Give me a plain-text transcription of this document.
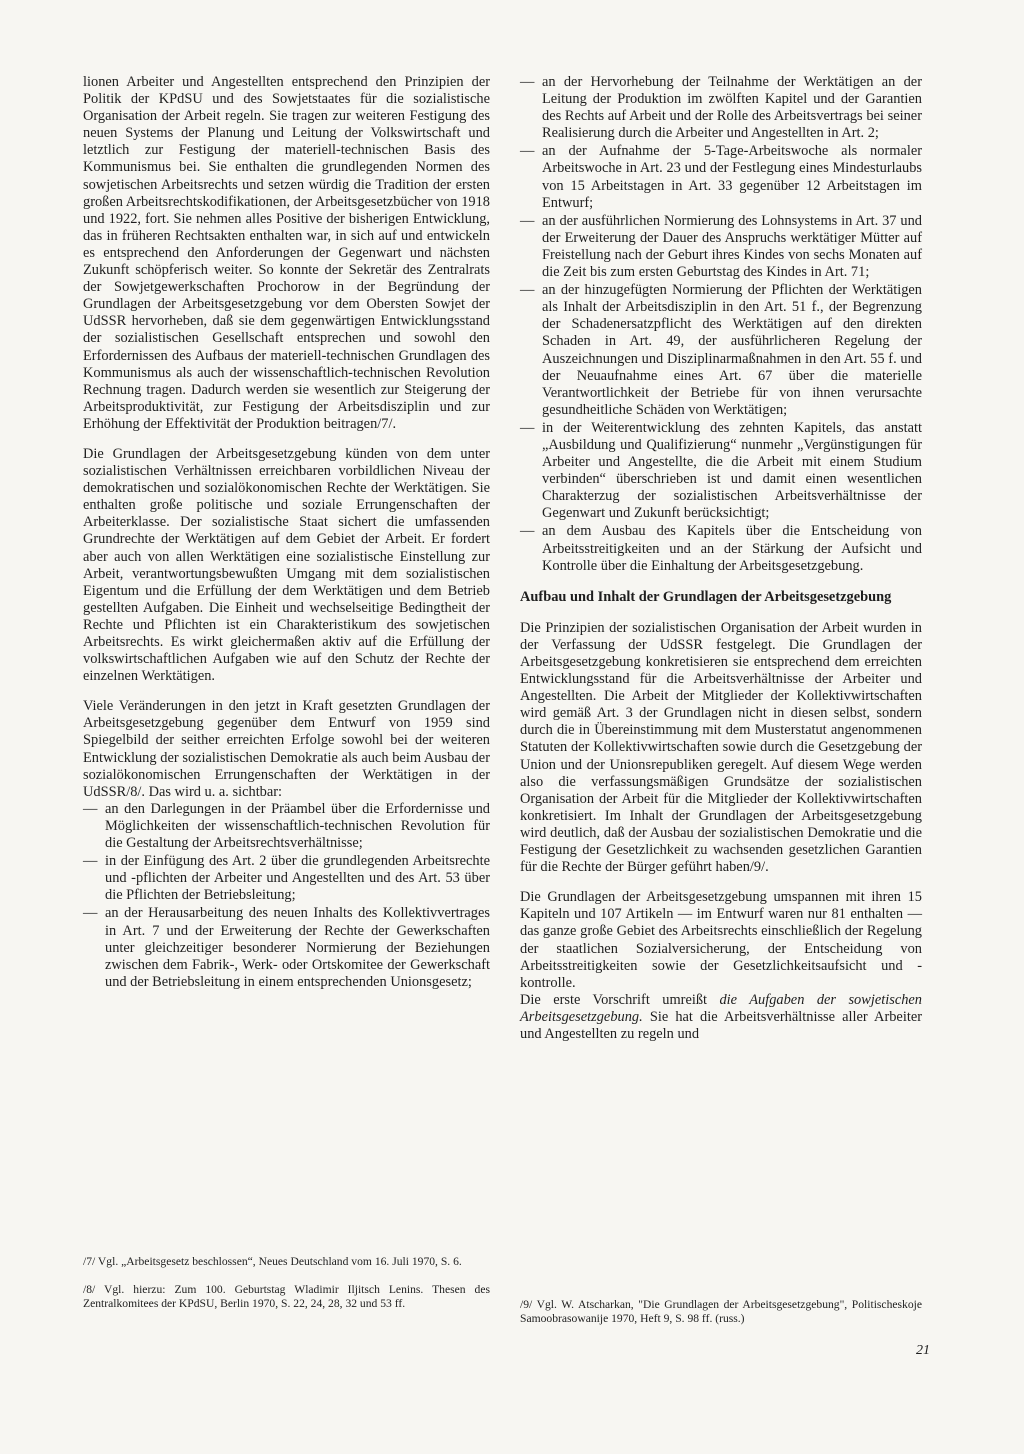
lionen Arbeiter und Angestellten entsprechend den Prinzipien der Politik der KPdSU und des Sowjetstaates für die sozialistische Organisation der Arbeit regeln. Sie tragen zur weiteren Festigung des neuen Systems der Planung und Leitung der Volkswirtschaft und letztlich zur Festigung der materiell-technischen Basis des Kommunismus bei. Sie enthalten die grundlegenden Normen des sowjetischen Arbeitsrechts und setzen würdig die Tradition der ersten großen Arbeitsrechtskodifikationen, der Arbeitsgesetzbücher von 1918 und 1922, fort. Sie nehmen alles Positive der bisherigen Entwicklung, das in früheren Rechtsakten enthalten war, in sich auf und entwickeln es entsprechend den Anforderungen der Gegenwart und nächsten Zukunft schöpferisch weiter. So konnte der Sekretär des Zentralrats der Sowjetgewerkschaften Prochorow in der Begründung der Grundlagen der Arbeitsgesetzgebung vor dem Obersten Sowjet der UdSSR hervorheben, daß sie dem gegenwärtigen Entwicklungsstand der sozialistischen Gesellschaft entsprechen und sowohl den Erfordernissen des Aufbaus der materiell-technischen Grundlagen des Kommunismus als auch der wissenschaftlich-technischen Revolution Rechnung tragen. Dadurch werden sie wesentlich zur Steigerung der Arbeitsproduktivität, zur Festigung der Arbeitsdisziplin und zur Erhöhung der Effektivität der Produktion beitragen/7/.

Die Grundlagen der Arbeitsgesetzgebung künden von dem unter sozialistischen Verhältnissen erreichbaren vorbildlichen Niveau der demokratischen und sozialökonomischen Rechte der Werktätigen. Sie enthalten große politische und soziale Errungenschaften der Arbeiterklasse. Der sozialistische Staat sichert die umfassenden Grundrechte der Werktätigen auf dem Gebiet der Arbeit. Er fordert aber auch von allen Werktätigen eine sozialistische Einstellung zur Arbeit, verantwortungsbewußten Umgang mit dem sozialistischen Eigentum und die Erfüllung der dem Werktätigen und dem Betrieb gestellten Aufgaben. Die Einheit und wechselseitige Bedingtheit der Rechte und Pflichten ist ein Charakteristikum des sowjetischen Arbeitsrechts. Es wirkt gleichermaßen aktiv auf die Erfüllung der volkswirtschaftlichen Aufgaben wie auf den Schutz der Rechte der einzelnen Werktätigen.

Viele Veränderungen in den jetzt in Kraft gesetzten Grundlagen der Arbeitsgesetzgebung gegenüber dem Entwurf von 1959 sind Spiegelbild der seither erreichten Erfolge sowohl bei der weiteren Entwicklung der sozialistischen Demokratie als auch beim Ausbau der sozialökonomischen Errungenschaften der Werktätigen in der UdSSR/8/. Das wird u. a. sichtbar:

— an den Darlegungen in der Präambel über die Erfordernisse und Möglichkeiten der wissenschaftlich-technischen Revolution für die Gestaltung der Arbeitsrechtsverhältnisse;
— in der Einfügung des Art. 2 über die grundlegenden Arbeitsrechte und -pflichten der Arbeiter und Angestellten und des Art. 53 über die Pflichten der Betriebsleitung;
— an der Herausarbeitung des neuen Inhalts des Kollektivvertrages in Art. 7 und der Erweiterung der Rechte der Gewerkschaften unter gleichzeitiger besonderer Normierung der Beziehungen zwischen dem Fabrik-, Werk- oder Ortskomitee der Gewerkschaft und der Betriebsleitung in einem entsprechenden Unionsgesetz;
— an der Hervorhebung der Teilnahme der Werktätigen an der Leitung der Produktion im zwölften Kapitel und der Garantien des Rechts auf Arbeit und der Rolle des Arbeitsvertrags bei seiner Realisierung durch die Arbeiter und Angestellten in Art. 2;
— an der Aufnahme der 5-Tage-Arbeitswoche als normaler Arbeitswoche in Art. 23 und der Festlegung eines Mindesturlaubs von 15 Arbeitstagen in Art. 33 gegenüber 12 Arbeitstagen im Entwurf;
— an der ausführlichen Normierung des Lohnsystems in Art. 37 und der Erweiterung der Dauer des Anspruchs werktätiger Mütter auf Freistellung nach der Geburt ihres Kindes von sechs Monaten auf die Zeit bis zum ersten Geburtstag des Kindes in Art. 71;
— an der hinzugefügten Normierung der Pflichten der Werktätigen als Inhalt der Arbeitsdisziplin in den Art. 51 f., der Begrenzung der Schadenersatzpflicht des Werktätigen auf den direkten Schaden in Art. 49, der ausführlicheren Regelung der Auszeichnungen und Disziplinarmaßnahmen in den Art. 55 f. und der Neuaufnahme eines Art. 67 über die materielle Verantwortlichkeit der Betriebe für von ihnen verursachte gesundheitliche Schäden von Werktätigen;
— in der Weiterentwicklung des zehnten Kapitels, das anstatt „Ausbildung und Qualifizierung“ nunmehr „Vergünstigungen für Arbeiter und Angestellte, die die Arbeit mit einem Studium verbinden“ überschrieben ist und damit einen wesentlichen Charakterzug der sozialistischen Arbeitsverhältnisse der Gegenwart und Zukunft berücksichtigt;
— an dem Ausbau des Kapitels über die Entscheidung von Arbeitsstreitigkeiten und an der Stärkung der Aufsicht und Kontrolle über die Einhaltung der Arbeitsgesetzgebung.
Aufbau und Inhalt der Grundlagen der Arbeitsgesetzgebung

Die Prinzipien der sozialistischen Organisation der Arbeit wurden in der Verfassung der UdSSR festgelegt. Die Grundlagen der Arbeitsgesetzgebung konkretisieren sie entsprechend dem erreichten Entwicklungsstand für die Arbeitsverhältnisse der Arbeiter und Angestellten. Die Arbeit der Mitglieder der Kollektivwirtschaften wird gemäß Art. 3 der Grundlagen nicht in diesen selbst, sondern durch die in Übereinstimmung mit dem Musterstatut angenommenen Statuten der Kollektivwirtschaften sowie durch die Gesetzgebung der Union und der Unionsrepubliken geregelt. Auf diesem Wege werden also die verfassungsmäßigen Grundsätze der sozialistischen Organisation der Arbeit für die Mitglieder der Kollektivwirtschaften konkretisiert. Im Inhalt der Grundlagen der Arbeitsgesetzgebung wird deutlich, daß der Ausbau der sozialistischen Demokratie und die Festigung der Gesetzlichkeit zu wachsenden gesetzlichen Garantien für die Rechte der Bürger geführt haben/9/.

Die Grundlagen der Arbeitsgesetzgebung umspannen mit ihren 15 Kapiteln und 107 Artikeln — im Entwurf waren nur 81 enthalten — das ganze große Gebiet des Arbeitsrechts einschließlich der Regelung der staatlichen Sozialversicherung, der Entscheidung von Arbeitsstreitigkeiten sowie der Gesetzlichkeitsaufsicht und -kontrolle.

Die erste Vorschrift umreißt die Aufgaben der sowjetischen Arbeitsgesetzgebung. Sie hat die Arbeitsverhältnisse aller Arbeiter und Angestellten zu regeln und

/7/ Vgl. „Arbeitsgesetz beschlossen“, Neues Deutschland vom 16. Juli 1970, S. 6.

/8/ Vgl. hierzu: Zum 100. Geburtstag Wladimir Iljitsch Lenins. Thesen des Zentralkomitees der KPdSU, Berlin 1970, S. 22, 24, 28, 32 und 53 ff.	/9/ Vgl. W. Atscharkan, "Die Grundlagen der Arbeitsgesetzgebung", Politischeskoje Samoobrasowanije 1970, Heft 9, S. 98 ff. (russ.)

21
